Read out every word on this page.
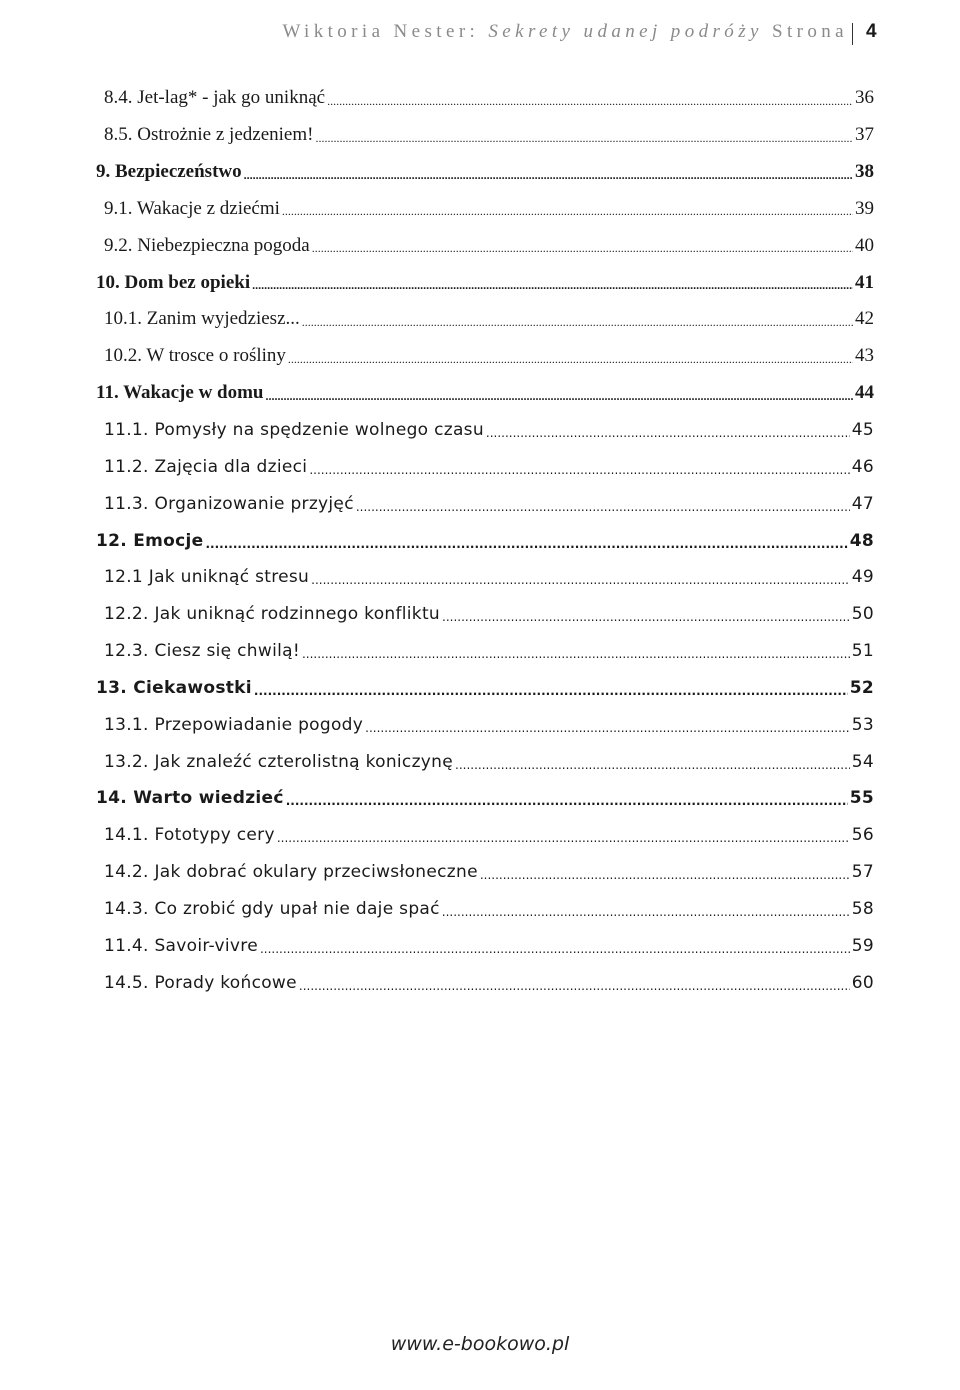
Wiktoria Nester: Sekrety udanej podróży Strona 4
8.4. Jet-lag* - jak go uniknąć .....	36
8.5. Ostrożnie z jedzeniem! .....	37
9. Bezpieczeństwo .....	38
9.1. Wakacje z dziećmi .....	39
9.2. Niebezpieczna pogoda .....	40
10. Dom bez opieki .....	41
10.1. Zanim wyjedziesz... .....	42
10.2. W trosce o rośliny .....	43
11. Wakacje w domu .....	44
11.1. Pomysły na spędzenie wolnego czasu .....	45
11.2. Zajęcia dla dzieci .....	46
11.3. Organizowanie przyjęć .....	47
12. Emocje .....	48
12.1 Jak uniknąć stresu .....	49
12.2. Jak uniknąć rodzinnego konfliktu .....	50
12.3. Ciesz się chwilą! .....	51
13. Ciekawostki .....	52
13.1. Przepowiadanie pogody .....	53
13.2. Jak znaleźć czterolistną koniczynę .....	54
14. Warto wiedzieć .....	55
14.1. Fototypy cery .....	56
14.2. Jak dobrać okulary przeciwsłoneczne .....	57
14.3. Co zrobić gdy upał nie daje spać .....	58
11.4. Savoir-vivre .....	59
14.5. Porady końcowe .....	60
www.e-bookowo.pl
